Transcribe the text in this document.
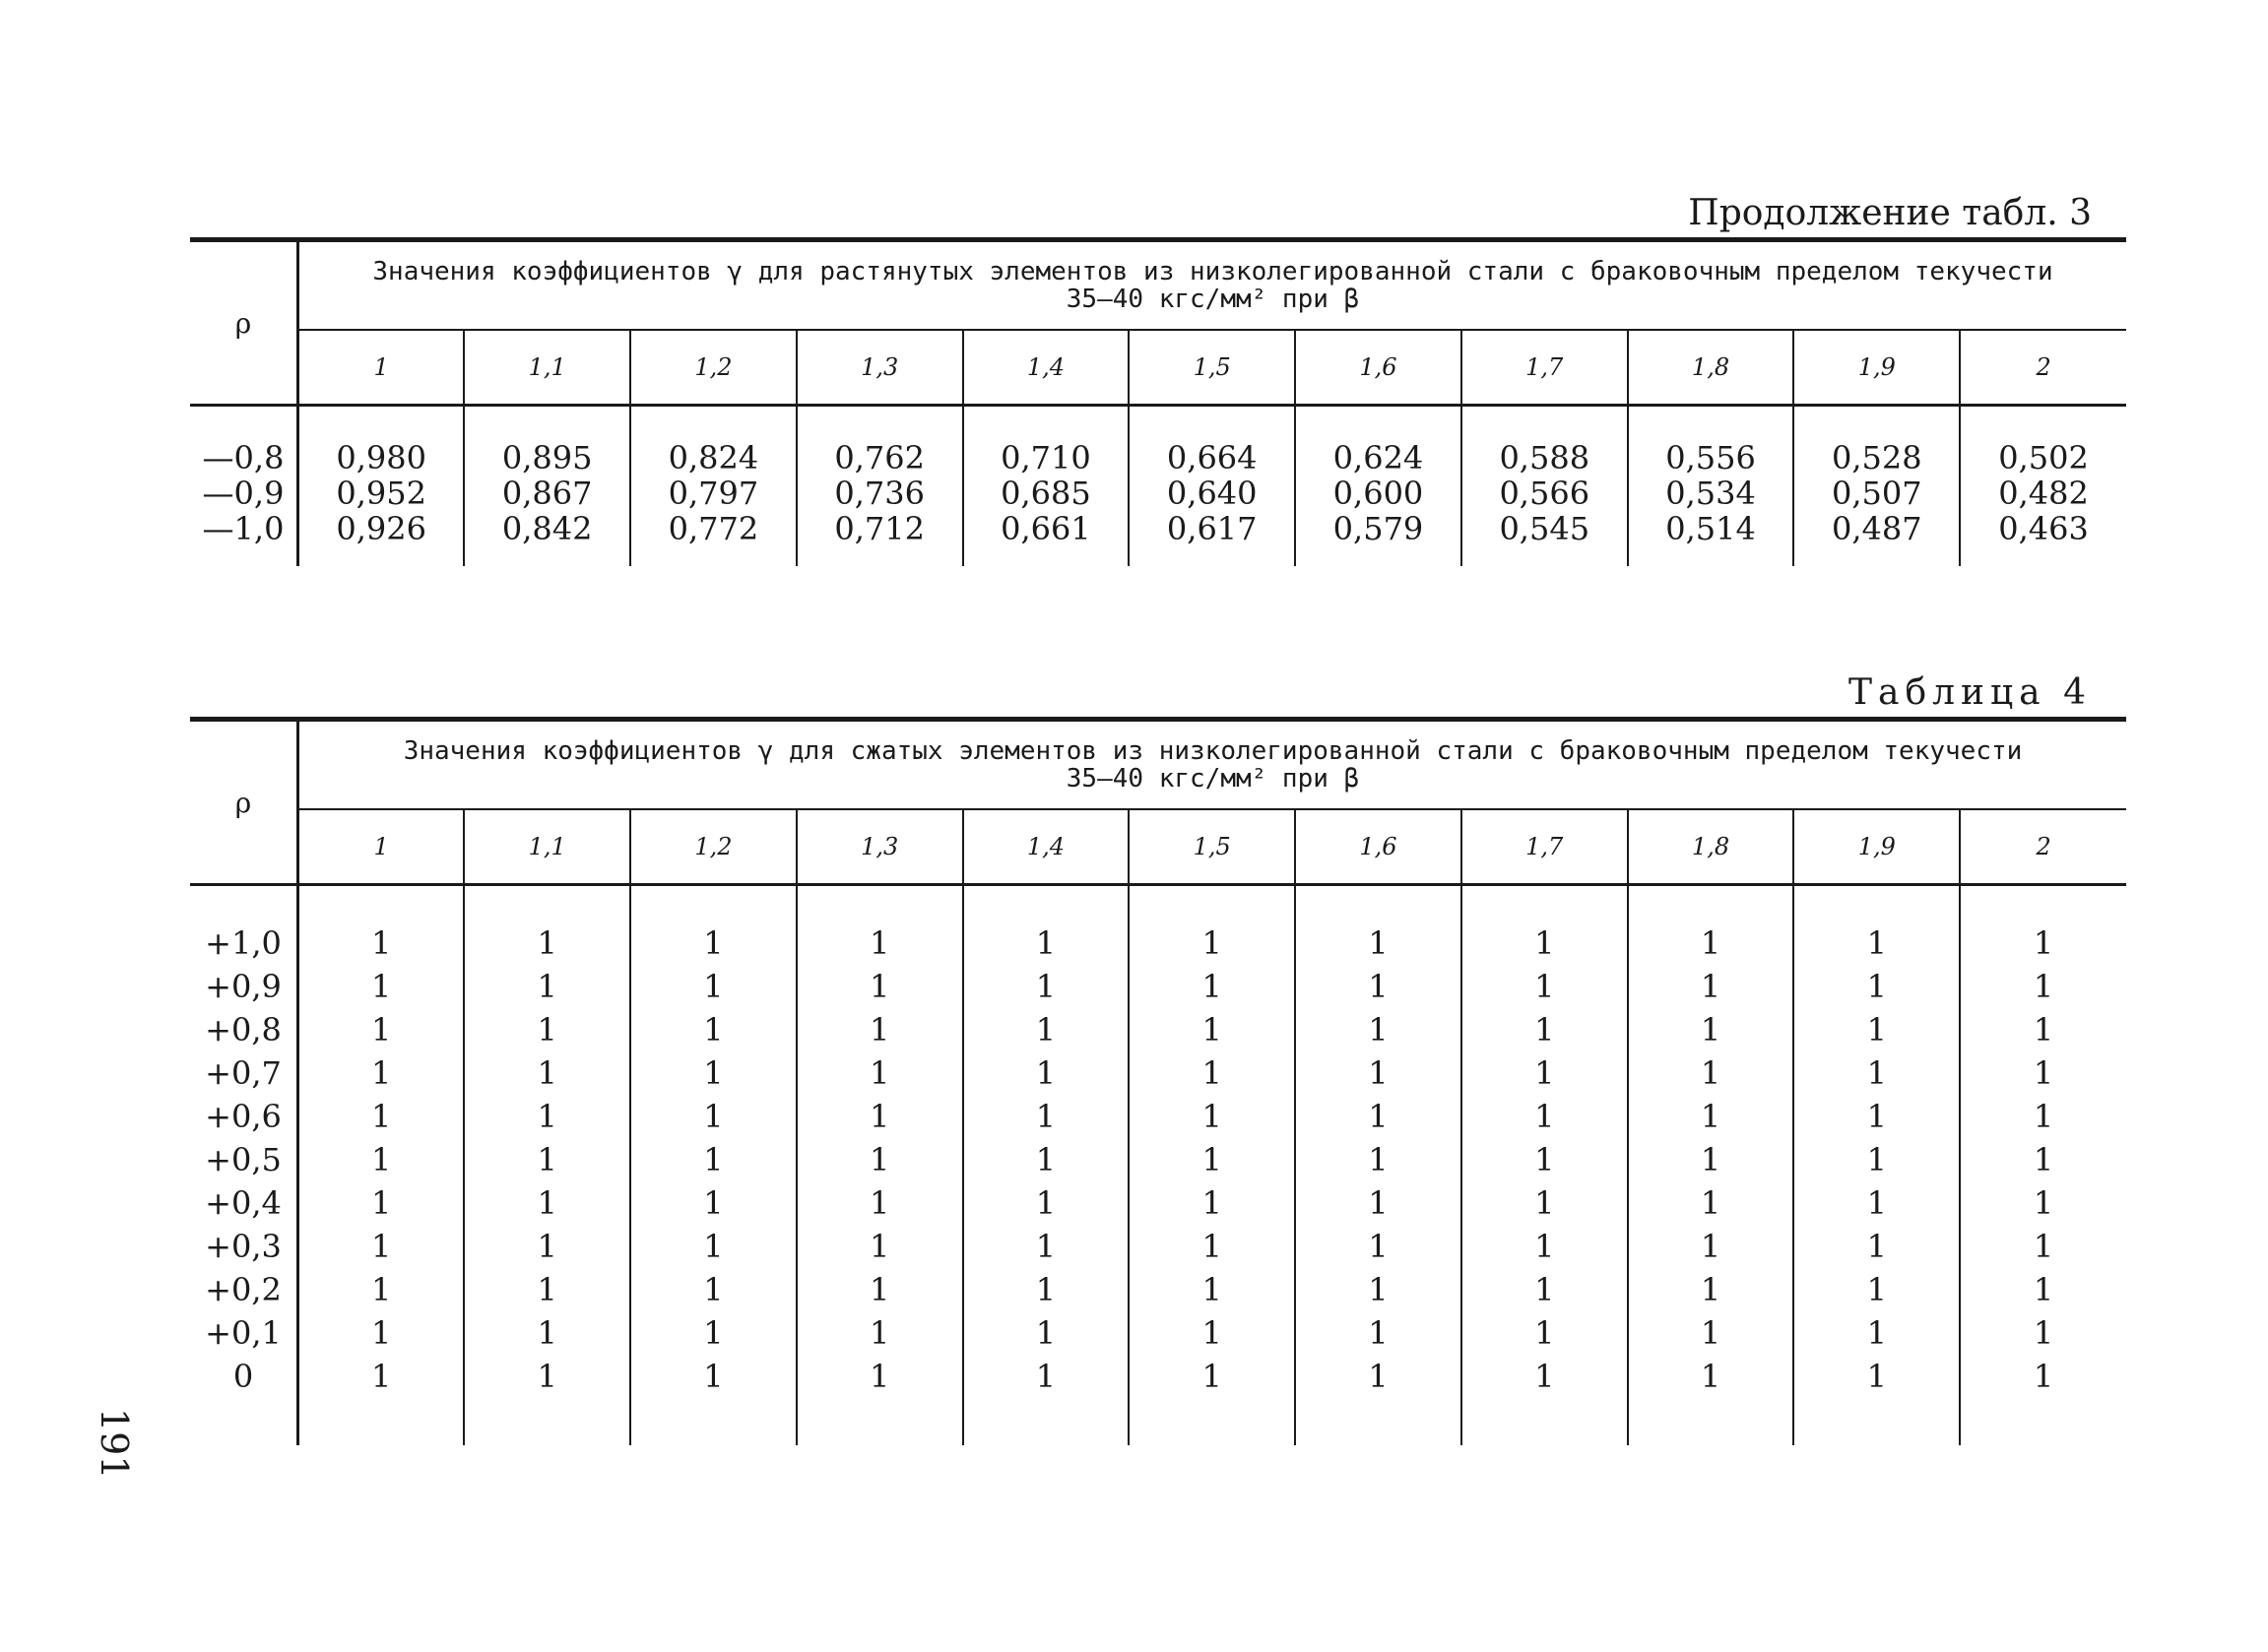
Продолжение табл. 3
ρ	Значения коэффициентов γ для растянутых элементов из низколегированной стали с браковочным пределом текучести
35—40 кгс/мм² при β										
	1	1,1	1,2	1,3	1,4	1,5	1,6	1,7	1,8	1,9	2
—0,8	0,980	0,895	0,824	0,762	0,710	0,664	0,624	0,588	0,556	0,528	0,502
—0,9	0,952	0,867	0,797	0,736	0,685	0,640	0,600	0,566	0,534	0,507	0,482
—1,0	0,926	0,842	0,772	0,712	0,661	0,617	0,579	0,545	0,514	0,487	0,463
Таблица 4
ρ	Значения коэффициентов γ для сжатых элементов из низколегированной стали с браковочным пределом текучести
35—40 кгс/мм² при β										
	1	1,1	1,2	1,3	1,4	1,5	1,6	1,7	1,8	1,9	2
+1,0	1	1	1	1	1	1	1	1	1	1	1
+0,9	1	1	1	1	1	1	1	1	1	1	1
+0,8	1	1	1	1	1	1	1	1	1	1	1
+0,7	1	1	1	1	1	1	1	1	1	1	1
+0,6	1	1	1	1	1	1	1	1	1	1	1
+0,5	1	1	1	1	1	1	1	1	1	1	1
+0,4	1	1	1	1	1	1	1	1	1	1	1
+0,3	1	1	1	1	1	1	1	1	1	1	1
+0,2	1	1	1	1	1	1	1	1	1	1	1
+0,1	1	1	1	1	1	1	1	1	1	1	1
0	1	1	1	1	1	1	1	1	1	1	1
191
